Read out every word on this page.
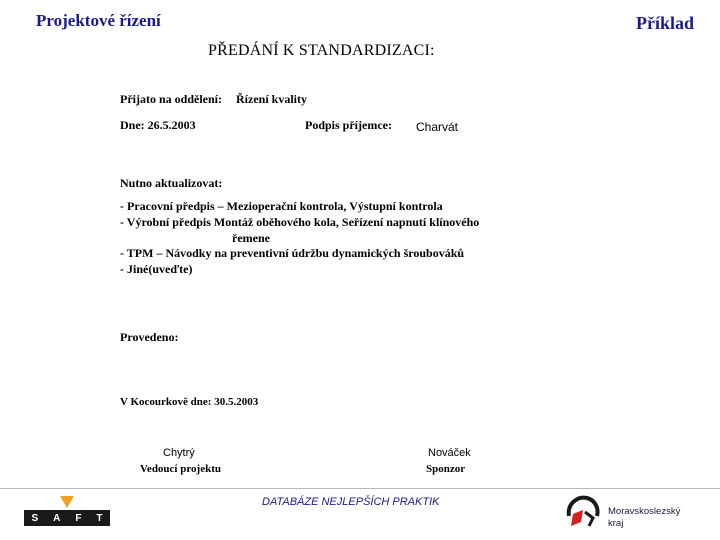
Projektové řízení	Příklad
PŘEDÁNÍ K STANDARDIZACI:
Přijato na oddělení: Řízení kvality
Dne: 26.5.2003	Podpis příjemce: Charvát
Nutno aktualizovat:
- Pracovní předpis – Mezioperační kontrola, Výstupní kontrola
- Výrobní předpis Montáž oběhového kola, Seřízení napnutí klínového
řemene
- TPM – Návodky na preventivní údržbu dynamických šroubováků
- Jiné(uveďte)
Provedeno:
V Kocourkově dne: 30.5.2003
Chytrý
Vedoucí projektu
Nováček
Sponzor
S A F T
DATABÁZE NEJLEPŠÍCH PRAKTIK
Moravskoslezský
kraj
